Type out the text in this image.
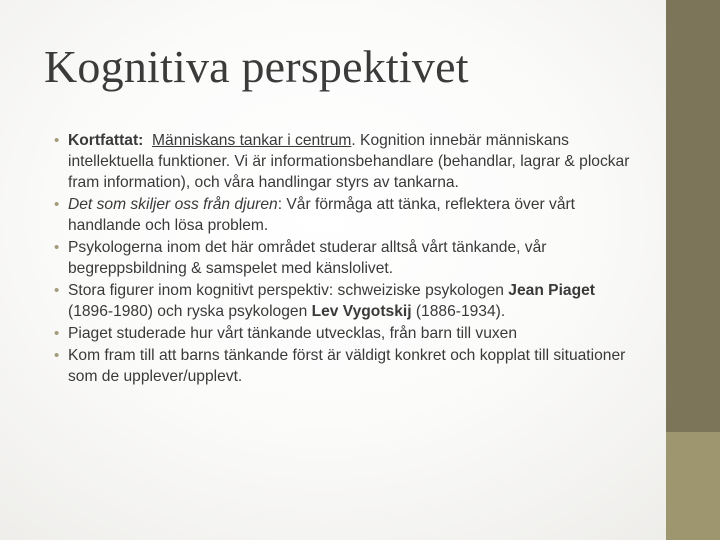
Kognitiva perspektivet
• Kortfattat: Människans tankar i centrum. Kognition innebär människans intellektuella funktioner. Vi är informationsbehandlare (behandlar, lagrar & plockar fram information), och våra handlingar styrs av tankarna.
• Det som skiljer oss från djuren: Vår förmåga att tänka, reflektera över vårt handlande och lösa problem.
• Psykologerna inom det här området studerar alltså vårt tänkande, vår begreppsbildning & samspelet med känslolivet.
• Stora figurer inom kognitivt perspektiv: schweiziske psykologen Jean Piaget (1896-1980) och ryska psykologen Lev Vygotskij (1886-1934).
• Piaget studerade hur vårt tänkande utvecklas, från barn till vuxen
• Kom fram till att barns tänkande först är väldigt konkret och kopplat till situationer som de upplever/upplevt.
